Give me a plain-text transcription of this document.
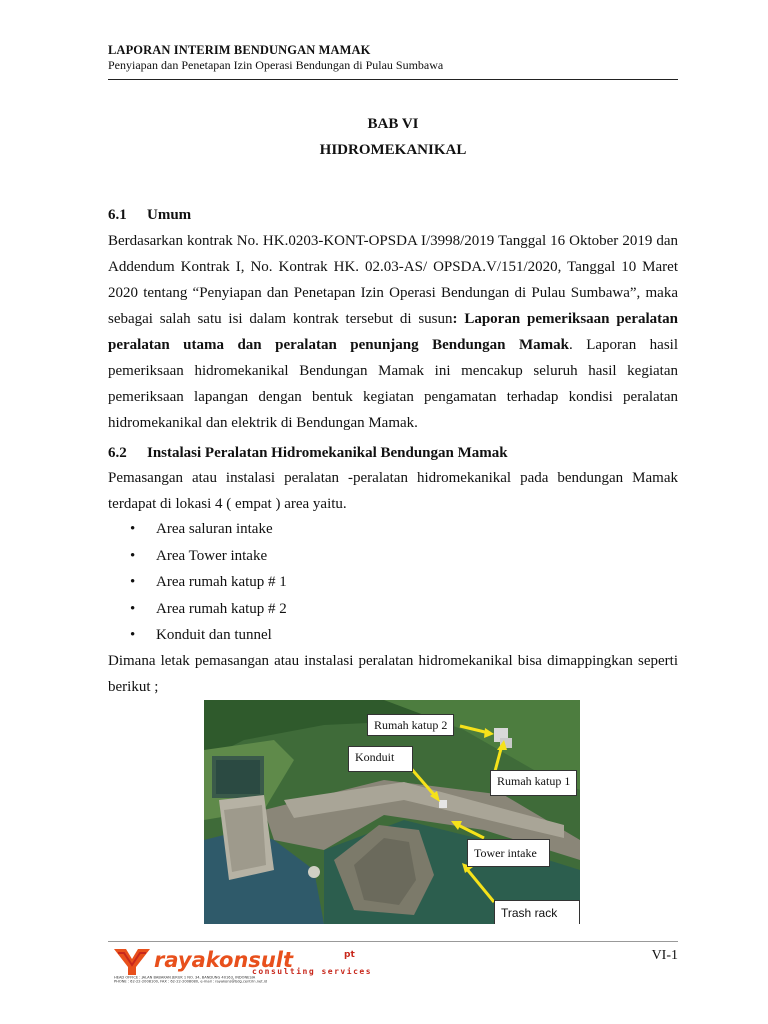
LAPORAN INTERIM BENDUNGAN MAMAK
Penyiapan dan Penetapan Izin Operasi Bendungan di Pulau Sumbawa
BAB VI
HIDROMEKANIKAL
6.1 Umum
Berdasarkan kontrak No. HK.0203-KONT-OPSDA I/3998/2019 Tanggal 16 Oktober 2019 dan Addendum Kontrak I, No. Kontrak HK. 02.03-AS/ OPSDA.V/151/2020, Tanggal 10 Maret 2020 tentang “Penyiapan dan Penetapan Izin Operasi Bendungan di Pulau Sumbawa”, maka sebagai salah satu isi dalam kontrak tersebut di susun: Laporan pemeriksaan peralatan peralatan utama dan peralatan penunjang Bendungan Mamak. Laporan hasil pemeriksaan hidromekanikal Bendungan Mamak ini mencakup seluruh hasil kegiatan pemeriksaan lapangan dengan bentuk kegiatan pengamatan terhadap kondisi peralatan hidromekanikal dan elektrik di Bendungan Mamak.
6.2 Instalasi Peralatan Hidromekanikal Bendungan Mamak
Pemasangan atau instalasi peralatan -peralatan hidromekanikal pada bendungan Mamak terdapat di lokasi 4 ( empat ) area yaitu.
• Area saluran intake
• Area Tower intake
• Area rumah katup # 1
• Area rumah katup # 2
• Konduit dan tunnel
Dimana letak pemasangan atau instalasi peralatan hidromekanikal bisa dimappingkan seperti berikut ;
Rumah katup 2
Konduit
Rumah katup 1
Tower intake
Trash rack
rayakonsult	pt
consulting services
HEAD OFFICE : JALAN BABAKAN JERUK 1 NO. 34, BANDUNG 40163, INDONESIA
PHONE : 62-22-2008100, FAX : 62-22-2008080, e-mail : rayakons@bdg.centrin.net.id
VI-1
